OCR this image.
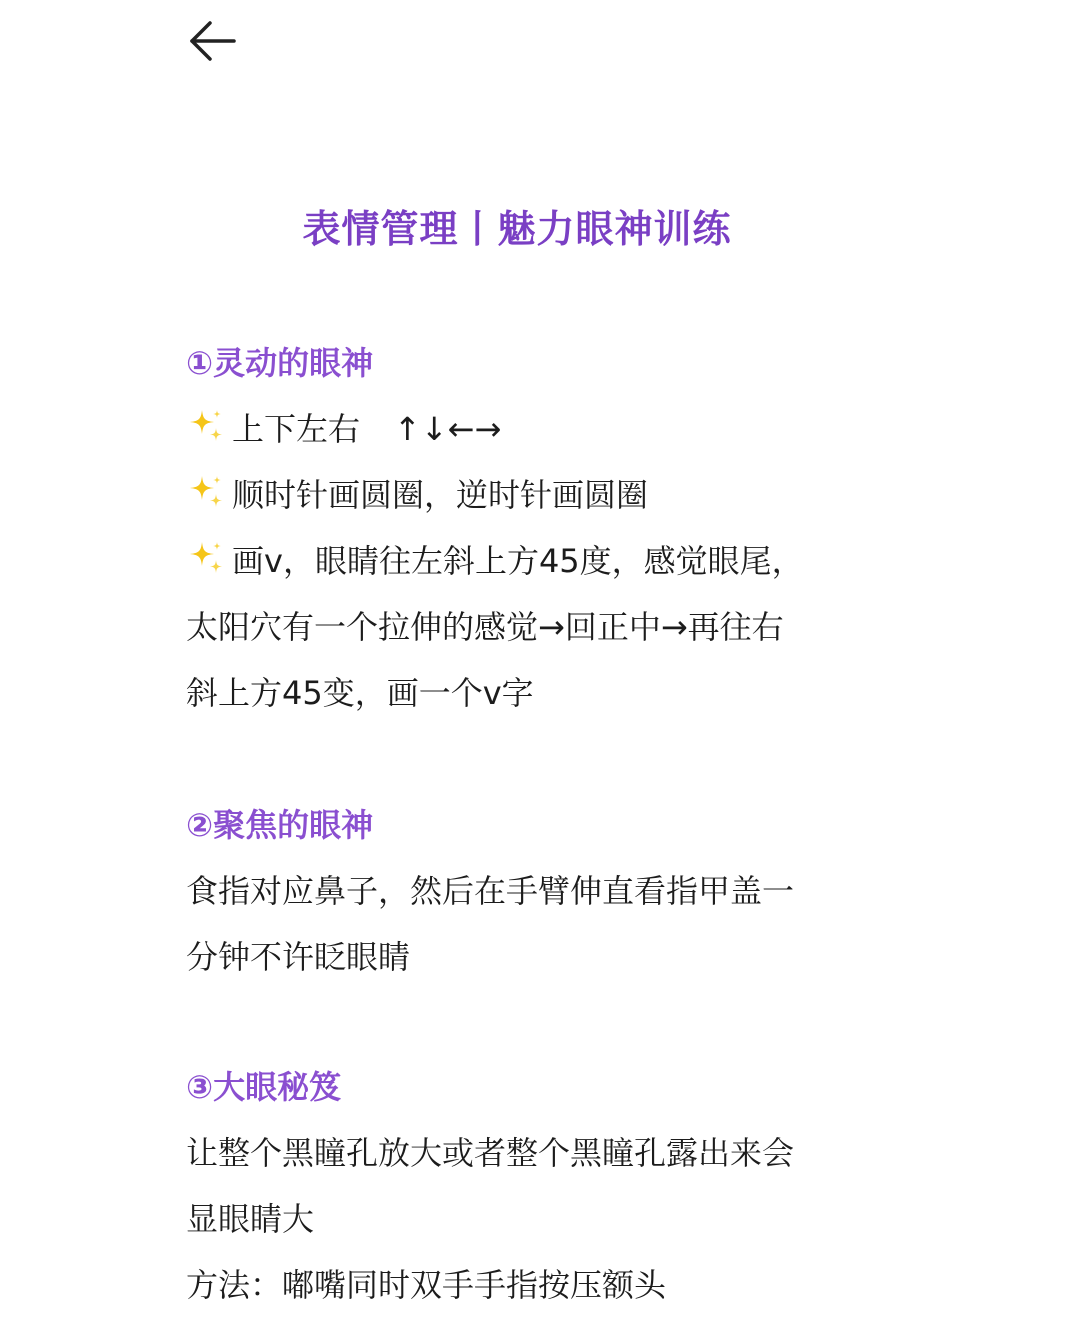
表情管理丨魅力眼神训练
①灵动的眼神
上下左右 ↑↓←→
顺时针画圆圈，逆时针画圆圈
画v，眼睛往左斜上方45度，感觉眼尾，
太阳穴有一个拉伸的感觉→回正中→再往右
斜上方45变，画一个v字
②聚焦的眼神
食指对应鼻子，然后在手臂伸直看指甲盖一
分钟不许眨眼睛
③大眼秘笈
让整个黑瞳孔放大或者整个黑瞳孔露出来会
显眼睛大
方法：嘟嘴同时双手手指按压额头
